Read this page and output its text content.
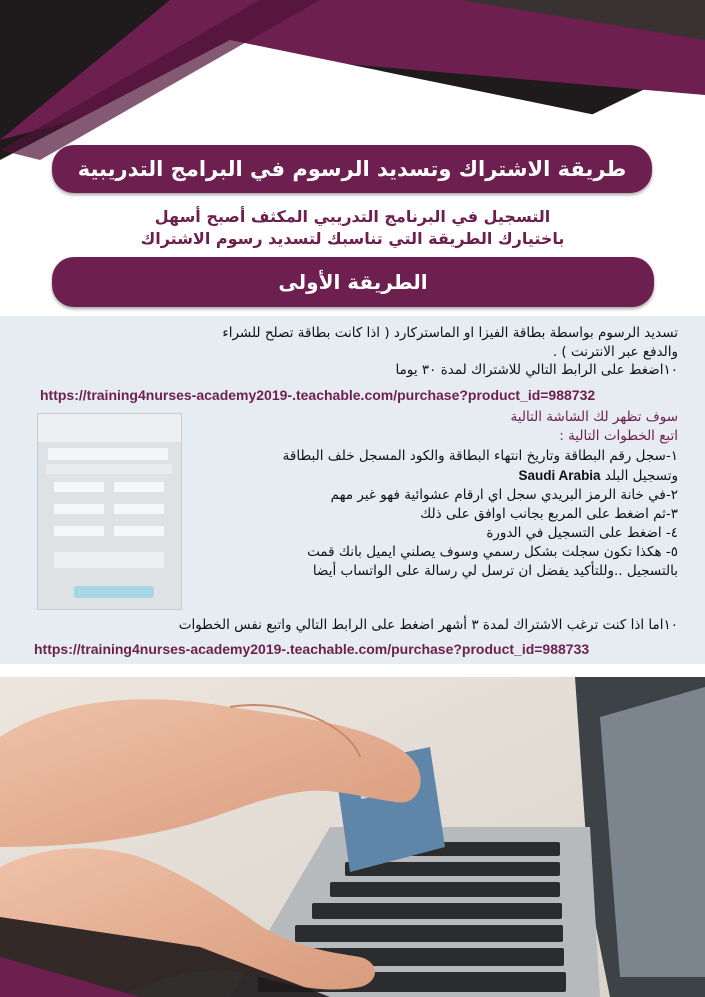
طريقة الاشتراك وتسديد الرسوم في البرامج التدريبية
التسجيل في البرنامج التدريبي المكثف أصبح أسهل
باختيارك الطريقة التي تناسبك لتسديد رسوم الاشتراك
الطريقة الأولى
تسديد الرسوم بواسطة بطاقة الفيزا او الماستركارد ( اذا كانت بطاقة تصلح للشراء
والدفع عبر الانترنت ) .
١٠اضغط على الرابط التالي للاشتراك لمدة ٣٠ يوما
https://training4nurses-academy2019-.teachable.com/purchase?product_id=988732
سوف تظهر لك الشاشة التالية
اتبع الخطوات التالية :
١-سجل رقم البطاقة وتاريخ انتهاء البطاقة والكود المسجل خلف البطاقة
وتسجيل البلد Saudi Arabia
٢-في خانة الرمز البريدي سجل اي ارقام عشوائية فهو غير مهم
٣-ثم اضغط على المربع بجانب اوافق على ذلك
٤- اضغط على التسجيل في الدورة
٥- هكذا تكون سجلت بشكل رسمي وسوف يصلني ايميل بانك قمت
بالتسجيل ..وللتأكيد يفضل ان ترسل لي رسالة على الواتساب أيضا
١٠اما اذا كنت ترغب الاشتراك لمدة ٣ أشهر اضغط على الرابط التالي واتبع نفس الخطوات
https://training4nurses-academy2019-.teachable.com/purchase?product_id=988733
